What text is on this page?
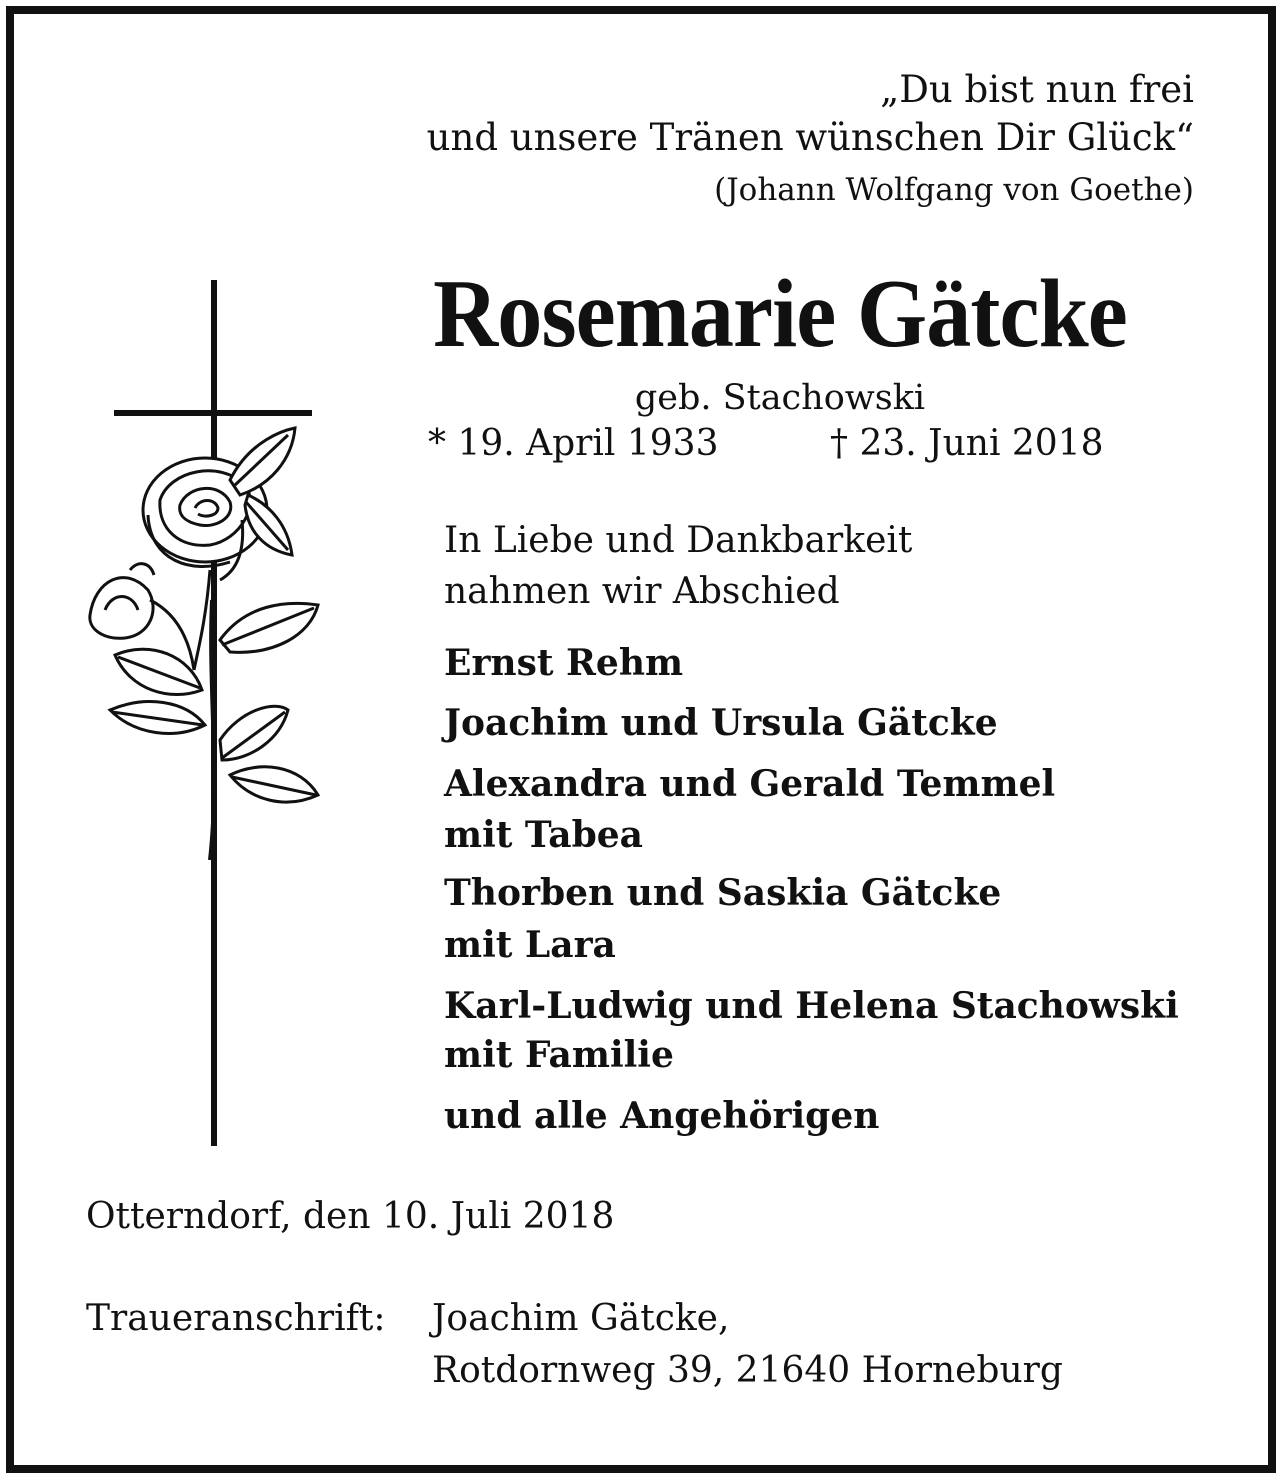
„Du bist nun frei
und unsere Tränen wünschen Dir Glück“
(Johann Wolfgang von Goethe)
Rosemarie Gätcke
geb. Stachowski
* 19. April 1933	† 23. Juni 2018
In Liebe und Dankbarkeit
nahmen wir Abschied
Ernst Rehm
Joachim und Ursula Gätcke
Alexandra und Gerald Temmel
mit Tabea
Thorben und Saskia Gätcke
mit Lara
Karl-Ludwig und Helena Stachowski
mit Familie
und alle Angehörigen
Otterndorf, den 10. Juli 2018
Traueranschrift: Joachim Gätcke,
Rotdornweg 39, 21640 Horneburg
